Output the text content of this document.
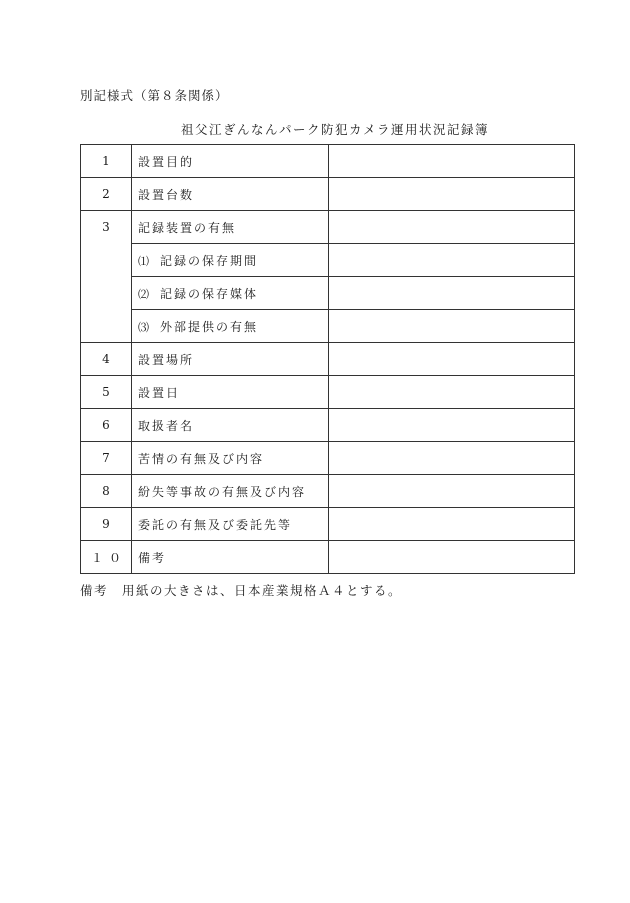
別記様式（第８条関係）
祖父江ぎんなんパーク防犯カメラ運用状況記録簿
1	設置目的	
2	設置台数	
3	記録装置の有無	
	⑴ 記録の保存期間	
	⑵ 記録の保存媒体	
	⑶ 外部提供の有無	
4	設置場所	
5	設置日	
6	取扱者名	
7	苦情の有無及び内容	
8	紛失等事故の有無及び内容	
9	委託の有無及び委託先等	
１０	備考	
備考 用紙の大きさは、日本産業規格Ａ４とする。
